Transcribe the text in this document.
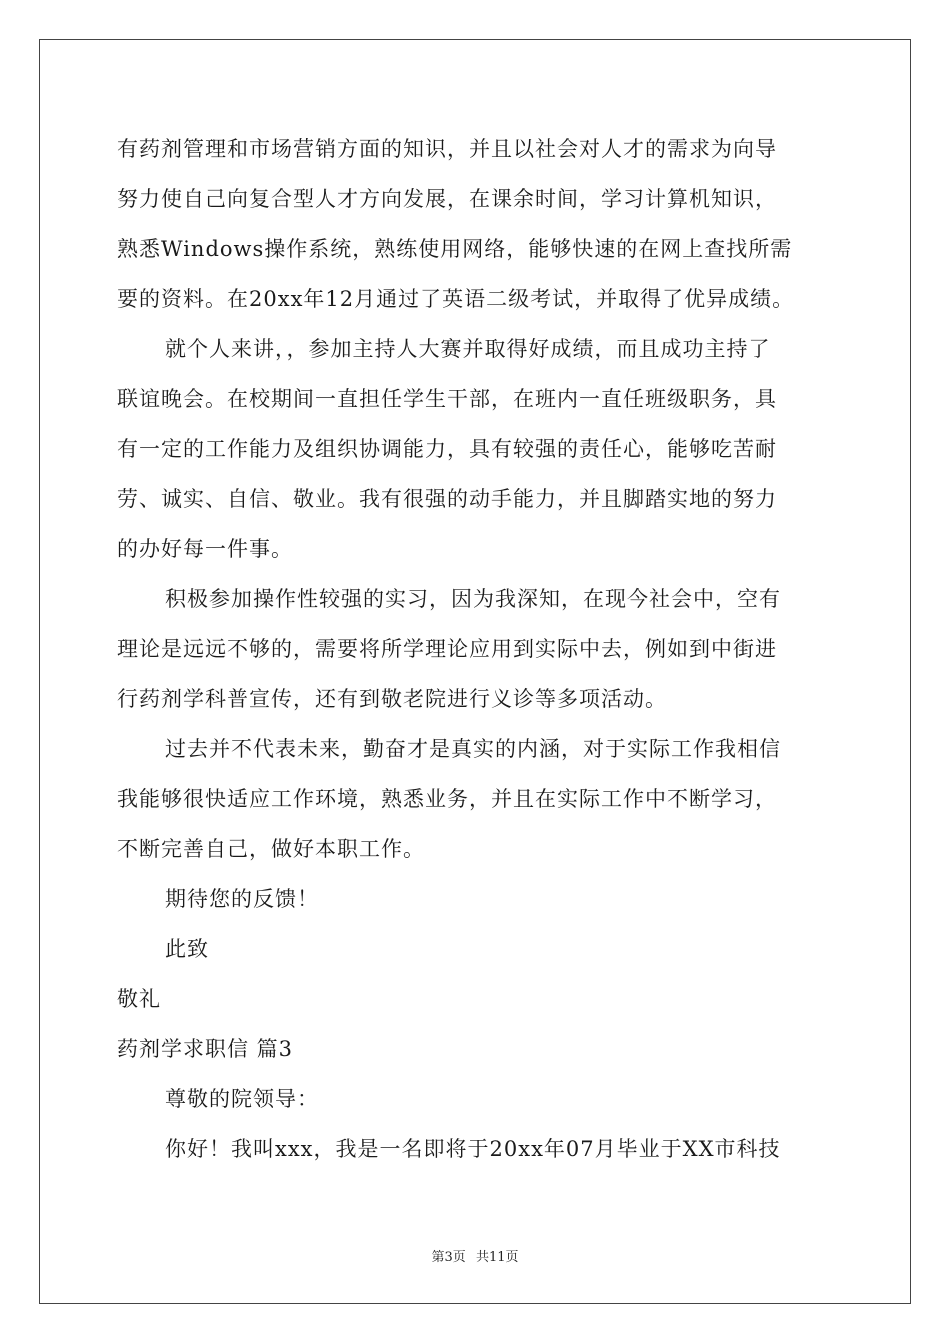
有药剂管理和市场营销方面的知识，并且以社会对人才的需求为向导
努力使自己向复合型人才方向发展，在课余时间，学习计算机知识，
熟悉Windows操作系统，熟练使用网络，能够快速的在网上查找所需
要的资料。在20xx年12月通过了英语二级考试，并取得了优异成绩。
就个人来讲，，参加主持人大赛并取得好成绩，而且成功主持了
联谊晚会。在校期间一直担任学生干部，在班内一直任班级职务，具
有一定的工作能力及组织协调能力，具有较强的责任心，能够吃苦耐
劳、诚实、自信、敬业。我有很强的动手能力，并且脚踏实地的努力
的办好每一件事。
积极参加操作性较强的实习，因为我深知，在现今社会中，空有
理论是远远不够的，需要将所学理论应用到实际中去，例如到中街进
行药剂学科普宣传，还有到敬老院进行义诊等多项活动。
过去并不代表未来，勤奋才是真实的内涵，对于实际工作我相信
我能够很快适应工作环境，熟悉业务，并且在实际工作中不断学习，
不断完善自己，做好本职工作。
期待您的反馈！
此致
敬礼
药剂学求职信 篇3
尊敬的院领导：
你好！我叫xxx，我是一名即将于20xx年07月毕业于XX市科技
第3页 共11页
